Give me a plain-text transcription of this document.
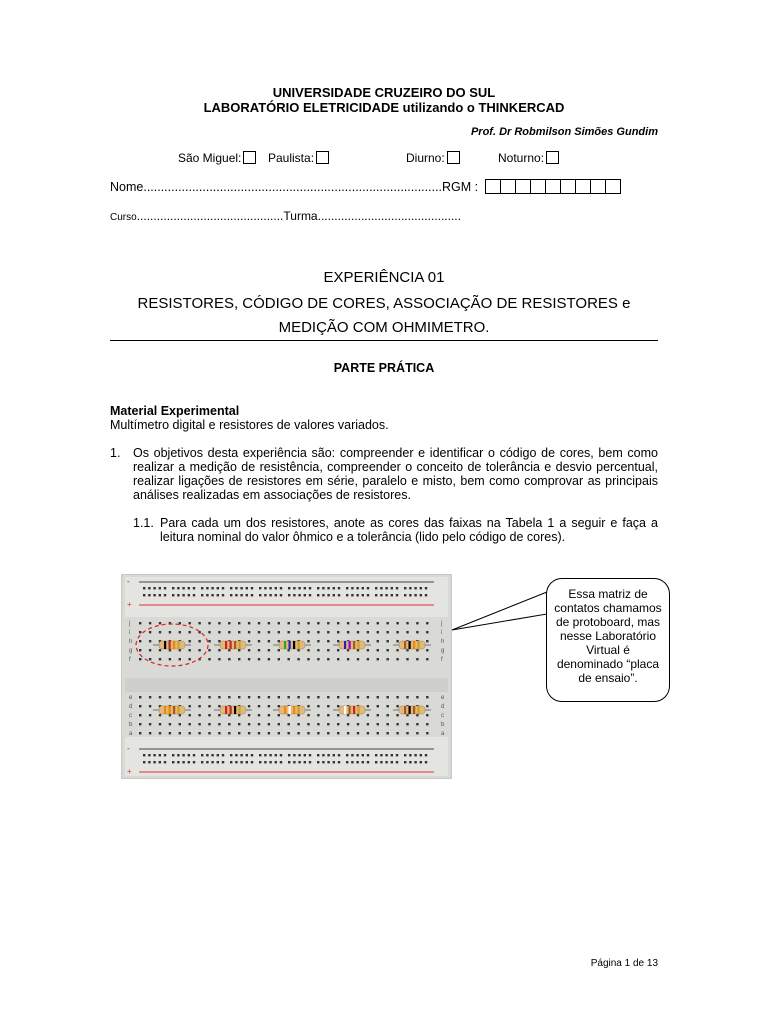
UNIVERSIDADE CRUZEIRO DO SUL
LABORATÓRIO ELETRICIDADE utilizando o THINKERCAD
Prof. Dr Robmilson Simões Gundim
São Miguel:	Paulista:	Diurno:	Noturno:
Nome......................................................................................RGM :
Curso............................................Turma...........................................
EXPERIÊNCIA 01
RESISTORES, CÓDIGO DE CORES, ASSOCIAÇÃO DE RESISTORES e
MEDIÇÃO COM OHMIMETRO.
PARTE PRÁTICA
Material Experimental
Multímetro digital e resistores de valores variados.
1. Os objetivos desta experiência são: compreender e identificar o código de cores, bem como realizar a medição de resistência, compreender o conceito de tolerância e desvio percentual, realizar ligações de resistores em série, paralelo e misto, bem como comprovar as principais análises realizadas em associações de resistores.
1.1. Para cada um dos resistores, anote as cores das faixas na Tabela 1 a seguir e faça a leitura nominal do valor ôhmico e a tolerância (lido pelo código de cores).
j	j
i	i
h	h
g	g
f	f
e	e
d	d
c	c
b	b
a	a
-
+
-
+
Essa matriz de contatos chamamos de protoboard, mas nesse Laboratório Virtual é denominado “placa de ensaio”.
Página 1 de 13
